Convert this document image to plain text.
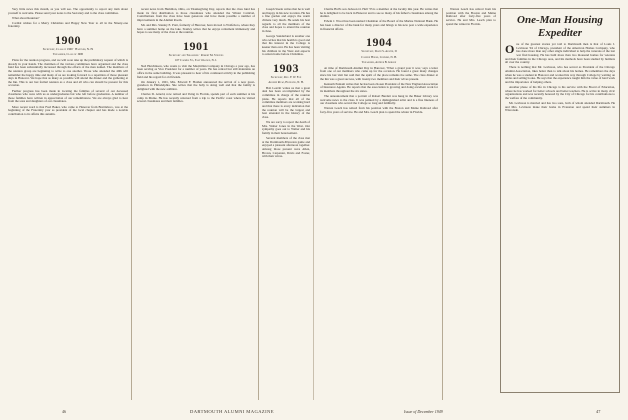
Very little news this month, as you will see. The opportunity to report any item about yourself is welcome. Please send your notes to the Secretary and to the class committee.

What about Reunion?

Cordial wishes for a Merry Christmas and Happy New Year to all in the Ninety-one fraternity.

1900
Secretary, Class of 1900 · Hanover, N. H.
Treasurer, Class of 1900

Plans for the reunion progress, and we will soon take up the preliminary request of which is already in your hands. The chairmen of the various committees have organized and the class fund has been substantially increased through the efforts of the men named. The members of the reunion group are beginning to write to one another. Those who attended the 40th will remember the happy time and many of us are looking forward to a repetition of those pleasant days in Hanover. We hope that as many as possible will attend the dinner and the gathering at the Inn. This is our last formal reunion as a class and all who can should be present for this occasion.

Further progress has been made in locating the families of several of our deceased classmates who were with us as undergraduates but who left before graduation. A number of those families have written in appreciation of our remembrance. We are always glad to hear from the sons and daughters of our classmates.

More recent word is that Fred Baker, who came to Hanover from Brattleboro, was at the beginning of the Fraternity year as president of the local chapter and has made a notable contribution to its affairs this autumn.

recent news from Hamilton, Ohio, on Thanksgiving Day, reports that the class fund has made its first distribution to those classmates who attended the Winter Carnival. Contributions from the class have been generous and have made possible a number of improvements in the Alumni Room.

Mr. and Mrs. Stanley E. Pratt, formerly of Hanover, have moved to Wolfeboro, where they have a summer home on the lake. Stanley writes that he enjoys retirement immensely and hopes to see many of the class at the reunion.

1901
Secretary and Treasurer · Robert M. Stevens
107 Cadmus St., East Orange, N. J.

Ned Hutchinson, who wants to visit the Macmillan Company in Chicago a year ago, has been serving as Vice President for a number of years. He has retired but still maintains an office in the same building. It was pleasant to hear of his continued activity in the publishing field and his regard for old friends.

On January 1, 1901, Mrs. Edward F. Holden announced the arrival of a new great-grandson in Philadelphia. She writes that the baby is doing well and that the family is delighted with the new addition.

Charles D. Arnold, now retired and living in Florida, spends part of each summer at his camp in Maine. He has recently returned from a trip to the Pacific coast where he visited several classmates and their families.

Joseph Steele writes that he is well and happy in his new location. He has a fine garden and enjoys the warm climate very much. He sends his best regards to all the members of the class and hopes to attend the reunion in June.

George Sunderland is another one who writes that his health is good and that his interest in the College is keener than ever. He has been visiting his children in the West and expects to return home before Christmas.

1903
Secretary, Rev. F. W. Fox
Alumni Road, Hanover, N. H.

Bob Leavitt writes us that a great deal has been accomplished by the committee in charge of the reunion plans. He reports that all of the committee members are working hard and that there is every indication that the reunion will be the largest and best attended in the history of the class.

We are sorry to report the death of Mrs. Walter Jones in the West. Our sympathy goes out to Walter and his family in their bereavement.

Several members of the class met at the Dartmouth-Princeton game and enjoyed a pleasant afternoon together. Among those present were Allen, Brown, Carpenter, Davis and Foster, with their wives.

Charlie Hall's son Jackson O. Hall '33 is a member of the faculty this year. He writes that he is delighted to be back in Hanover and to see so many of his father's classmates among the alumni.

Edwin J. Wood has been named Chairman of the Board of the Marine National Bank. He has been a director of the bank for many years and brings to his new post a wide experience in financial affairs.

1904
Secretary, David S. Austin, II
Cannon House, Cornish, N. H.
Treasurer, Arthur B. Gibson

At time of Dartmouth Alumni Day in Hanover, 'What a grand year it was,' says a letter from one of our members who came up for the occasion. He found a great many changes since his last visit but said that the spirit of the place remains the same. The class dinner at the Inn was a great success, with twenty-two members and their wives present.

Kenneth Putnam writes that he has been chosen President of the New England Association of Insurance Agents. He reports that the association is growing and doing excellent work for its members throughout the six states.

The announcement that a portrait of Robert Burdett was hung in the Baker Library was welcome news to the class. It was painted by a distinguished artist and is a fine likeness of our classmate who served the College so long and faithfully.

Warren Leach has retired from his position with the Boston and Maine Railroad after forty-five years of service. He and Mrs. Leach plan to spend the winter in Florida.

One-Man Housing Expediter

One of the greatest stories yet told to Dartmouth men is that of Louis J. Levinson '04 of Chicago, president of the American Homes Company, who has done more than any other single individual to help the veterans of the last war find housing. He has built more than two thousand homes for veterans and their families in the Chicago area, and his methods have been studied by builders all over the country.

There is nothing that Mr. Levinson, who has served as President of the Chicago Alumni Association, likes better than to talk about his homes. He remembers the days when he was a student in Hanover and worked his way through College by waiting on tables and selling books. He says that the experience taught him the value of hard work and the importance of helping others.

Another phase of his life in Chicago is his service with the Board of Education, where he has worked for better schools and better teachers. He is active in many civic organizations and was recently honored by the City of Chicago for his contributions to the welfare of the community.

Mr. Levinson is married and has two sons, both of whom attended Dartmouth. He and Mrs. Levinson make their home in Evanston and spend their summers in Wisconsin.

Warren Leach has retired from his position with the Boston and Maine Railroad after forty-five years of service. He and Mrs. Leach plan to spend the winter in Florida.

46	DARTMOUTH ALUMNI MAGAZINE	Issue of December 1949	47
